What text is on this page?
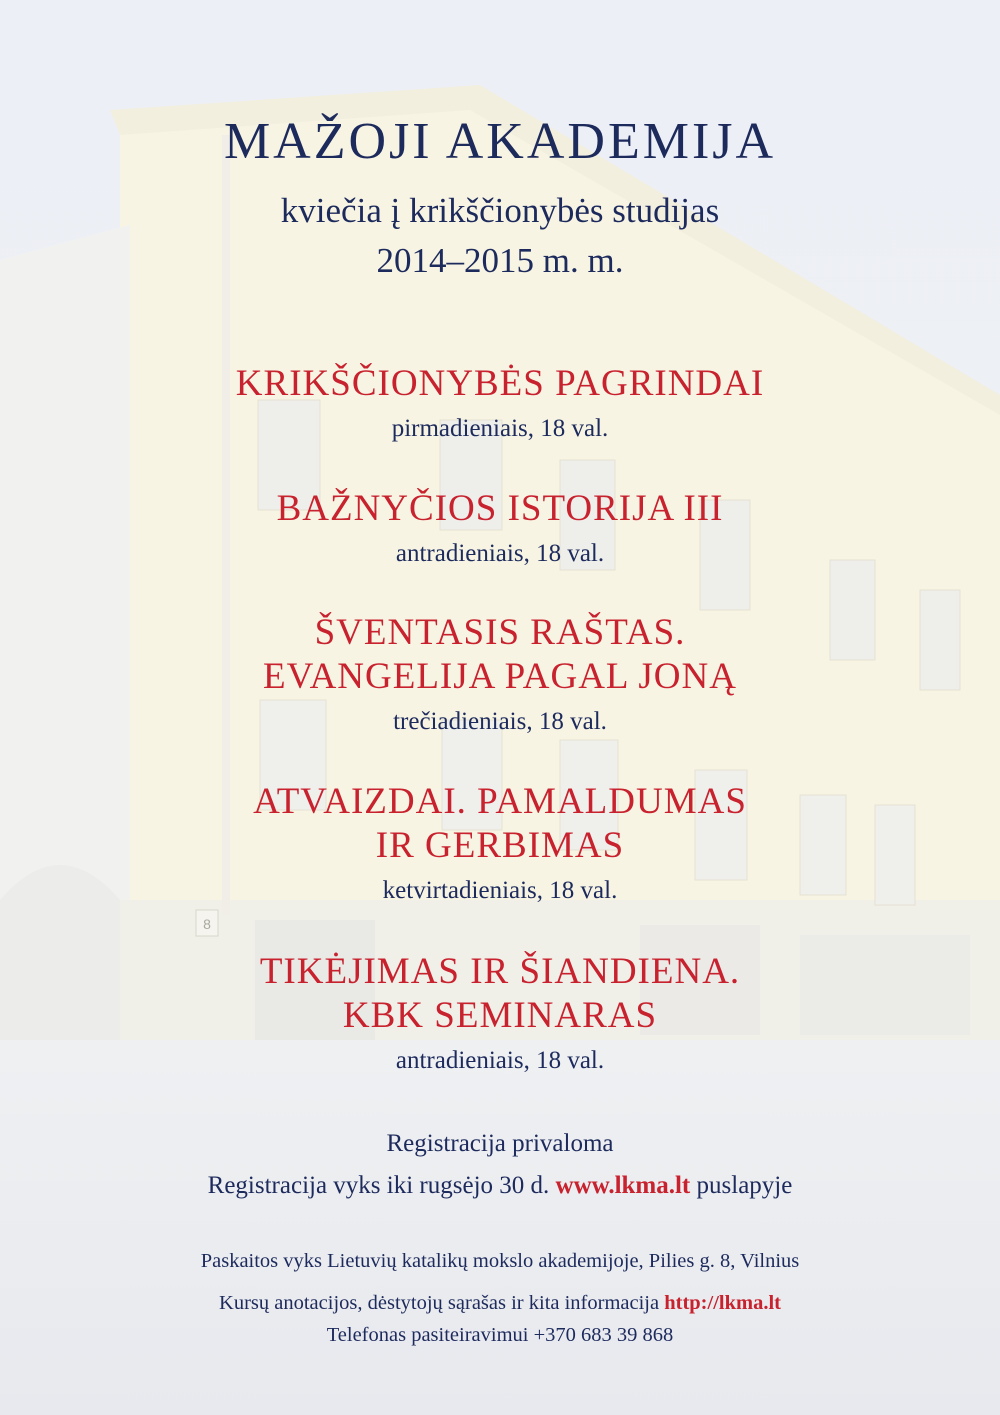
8
MAŽOJI AKADEMIJA
kviečia į krikščionybės studijas
2014–2015 m. m.
KRIKŠČIONYBĖS PAGRINDAI
pirmadieniais, 18 val.
BAŽNYČIOS ISTORIJA III
antradieniais, 18 val.
ŠVENTASIS RAŠTAS.
EVANGELIJA PAGAL JONĄ
trečiadieniais, 18 val.
ATVAIZDAI. PAMALDUMAS
IR GERBIMAS
ketvirtadieniais, 18 val.
TIKĖJIMAS IR ŠIANDIENA.
KBK SEMINARAS
antradieniais, 18 val.
Registracija privaloma
Registracija vyks iki rugsėjo 30 d. www.lkma.lt puslapyje
Paskaitos vyks Lietuvių katalikų mokslo akademijoje, Pilies g. 8, Vilnius
Kursų anotacijos, dėstytojų sąrašas ir kita informacija http://lkma.lt
Telefonas pasiteiravimui +370 683 39 868
